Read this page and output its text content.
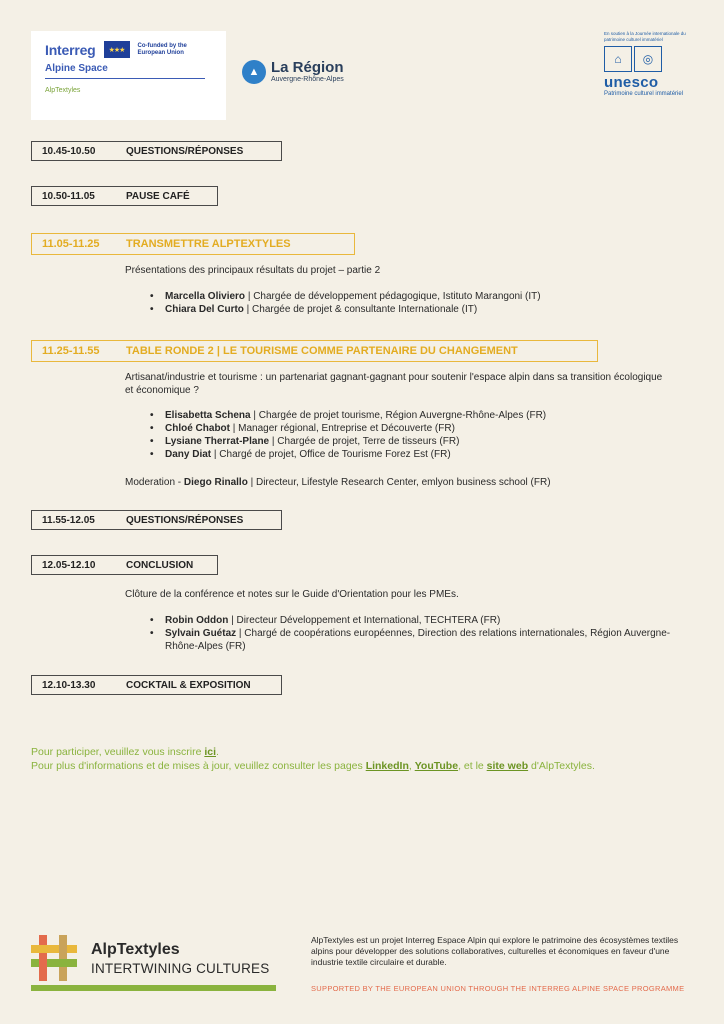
Interreg	★★★
Co-funded by the European Union
Alpine Space
AlpTextyles
▲ La Région
Auvergne-Rhône-Alpes
En soutien à la Journée internationale du patrimoine culturel immatériel
⌂	◎
unesco
Patrimoine culturel immatériel
10.45-10.50	QUESTIONS/RÉPONSES
10.50-11.05	PAUSE CAFÉ
11.05-11.25	TRANSMETTRE ALPTEXTYLES
Présentations des principaux résultats du projet – partie 2
• Marcella Oliviero | Chargée de développement pédagogique, Istituto Marangoni (IT)
• Chiara Del Curto | Chargée de projet & consultante Internationale (IT)
11.25-11.55	TABLE RONDE 2 | LE TOURISME COMME PARTENAIRE DU CHANGEMENT
Artisanat/industrie et tourisme : un partenariat gagnant-gagnant pour soutenir l'espace alpin dans sa transition écologique et économique ?
• Elisabetta Schena | Chargée de projet tourisme, Région Auvergne-Rhône-Alpes (FR)
• Chloé Chabot | Manager régional, Entreprise et Découverte (FR)
• Lysiane Therrat-Plane | Chargée de projet, Terre de tisseurs (FR)
• Dany Diat | Chargé de projet, Office de Tourisme Forez Est (FR)
Moderation - Diego Rinallo | Directeur, Lifestyle Research Center, emlyon business school (FR)
11.55-12.05	QUESTIONS/RÉPONSES
12.05-12.10	CONCLUSION
Clôture de la conférence et notes sur le Guide d'Orientation pour les PMEs.
• Robin Oddon | Directeur Développement et International, TECHTERA (FR)
• Sylvain Guétaz | Chargé de coopérations européennes, Direction des relations internationales, Région Auvergne-Rhône-Alpes (FR)
12.10-13.30	COCKTAIL & EXPOSITION
Pour participer, veuillez vous inscrire ici.
Pour plus d'informations et de mises à jour, veuillez consulter les pages LinkedIn, YouTube, et le site web d'AlpTextyles.
AlpTextyles
INTERTWINING CULTURES
AlpTextyles est un projet Interreg Espace Alpin qui explore le patrimoine des écosystèmes textiles alpins pour développer des solutions collaboratives, culturelles et économiques en faveur d'une industrie textile circulaire et durable.
SUPPORTED BY THE EUROPEAN UNION THROUGH THE INTERREG ALPINE SPACE PROGRAMME
